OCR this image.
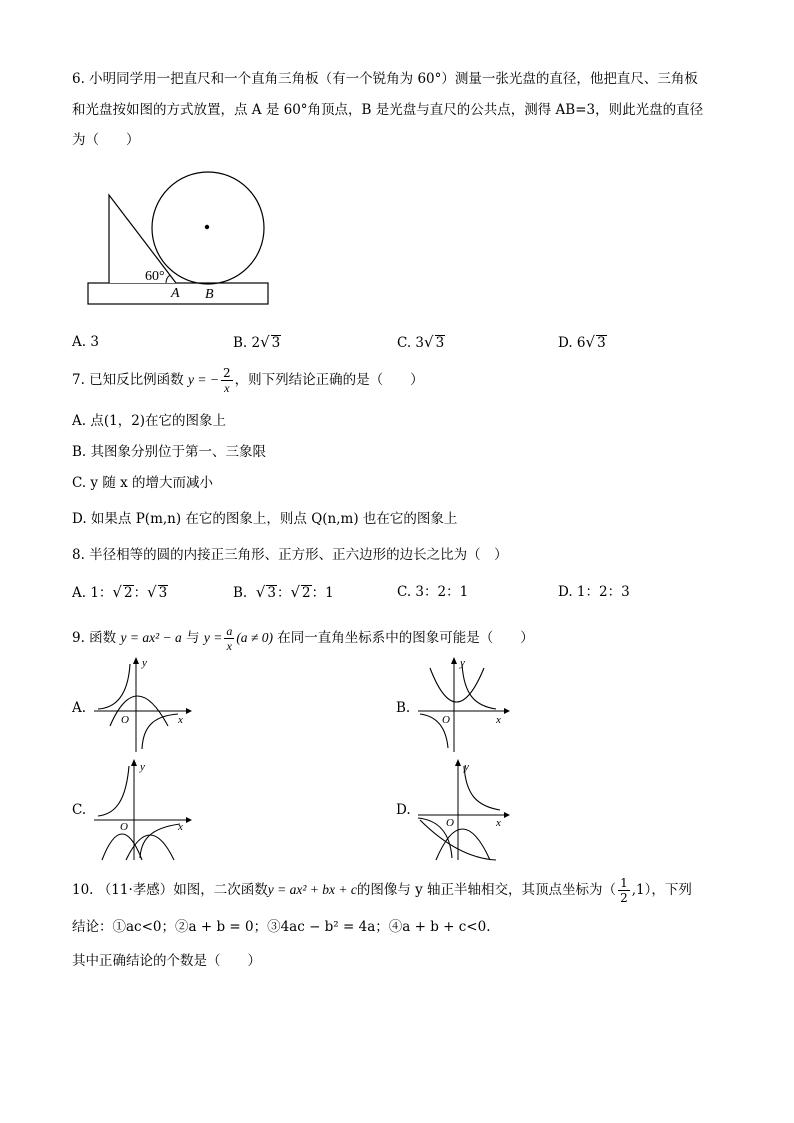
6. 小明同学用一把直尺和一个直角三角板（有一个锐角为 60°）测量一张光盘的直径，他把直尺、三角板
和光盘按如图的方式放置，点 A 是 60°角顶点，B 是光盘与直尺的公共点，测得 AB=3，则此光盘的直径
为（　　）
60°
A B
A. 3	B. 2√ 3	C. 3√ 3	D. 6√ 3
7. 已知反比例函数 y = − $\frac{2}{x}$ ，则下列结论正确的是（　　）
A. 点(1，2)在它的图象上
B. 其图象分别位于第一、三象限
C. y 随 x 的增大而减小
D. 如果点 P(m,n) 在它的图象上，则点 Q(n,m) 也在它的图象上
8. 半径相等的圆的内接正三角形、正方形、正六边形的边长之比为（　）
A. 1：√ 2：√ 3	B. √ 3：√ 2：1	C. 3：2：1	D. 1：2：3
9. 函数 y = ax² − a 与 $y = \frac{a}{x} (a \ne 0)$ 在同一直角坐标系中的图象可能是（　　）
A.
y
x
O
B.
y
x
O
C.
y
x
O
D.
y
x
O
10. （11·孝感）如图，二次函数y = ax² + bx + c的图像与 y 轴正半轴相交，其顶点坐标为（ $\frac{1}{2} ,1$），下列
结论：①ac<0；②a + b = 0；③4ac − b² = 4a；④a + b + c<0.
其中正确结论的个数是（　　）
